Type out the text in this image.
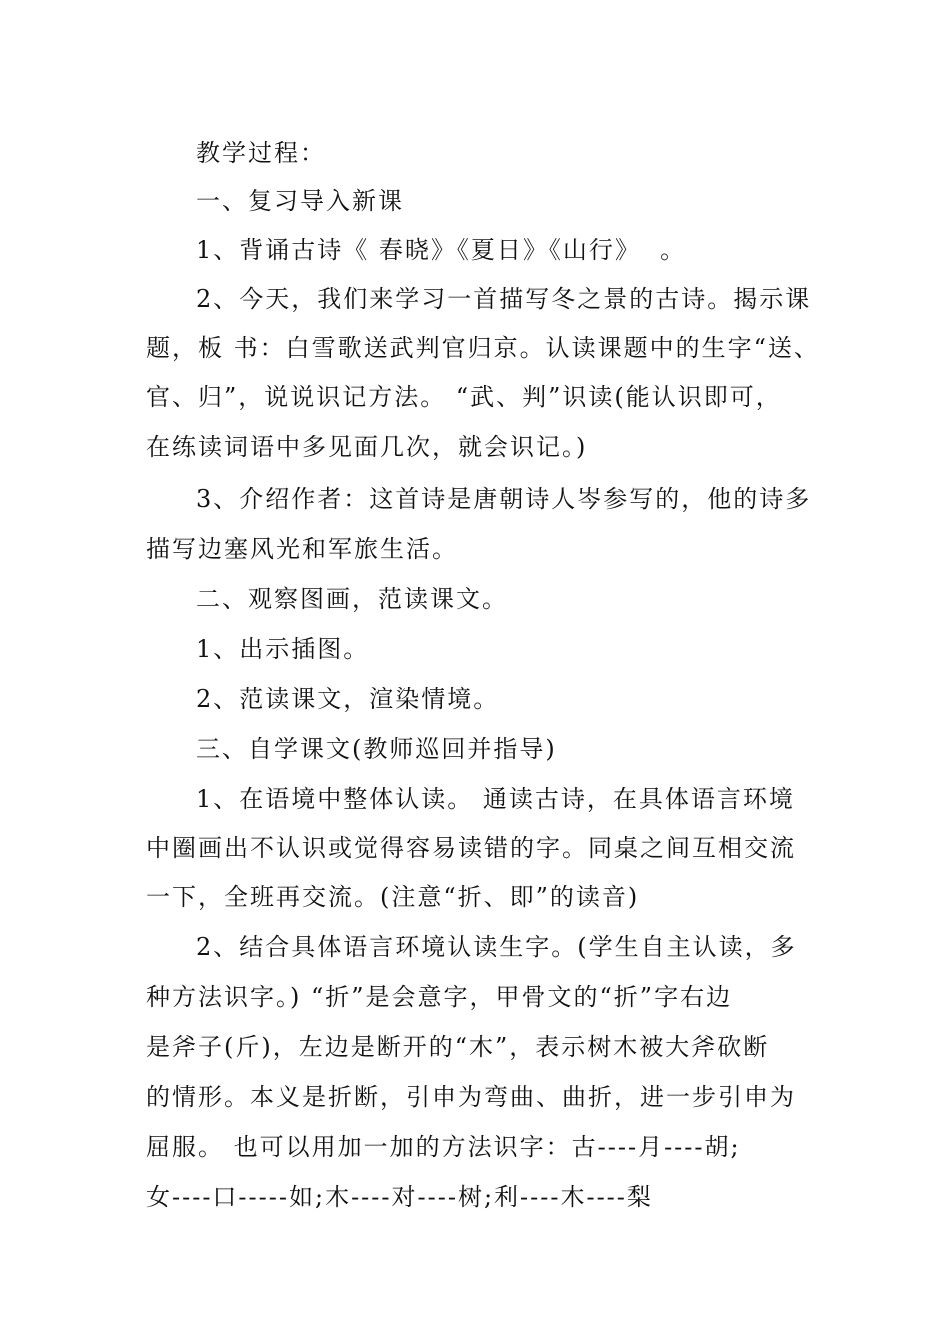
教学过程：
一、复习导入新课
1、背诵古诗《 春晓》《夏日》《山行》  。
2、今天，我们来学习一首描写冬之景的古诗。揭示课
题，板 书：白雪歌送武判官归京。认读课题中的生字“送、
官、归”，说说识记方法。 “武、判”识读(能认识即可，
在练读词语中多见面几次，就会识记。)
3、介绍作者：这首诗是唐朝诗人岑参写的，他的诗多
描写边塞风光和军旅生活。
二、观察图画，范读课文。
1、出示插图。
2、范读课文，渲染情境。
三、自学课文(教师巡回并指导)
1、在语境中整体认读。 通读古诗，在具体语言环境
中圈画出不认识或觉得容易读错的字。同桌之间互相交流
一下，全班再交流。(注意“折、即”的读音)
2、结合具体语言环境认读生字。(学生自主认读，多
种方法识字。) “折”是会意字，甲骨文的“折”字右边
是斧子(斤)，左边是断开的“木”，表示树木被大斧砍断
的情形。本义是折断，引申为弯曲、曲折，进一步引申为
屈服。 也可以用加一加的方法识字：古----月----胡;
女----口-----如;木----对----树;利----木----梨
